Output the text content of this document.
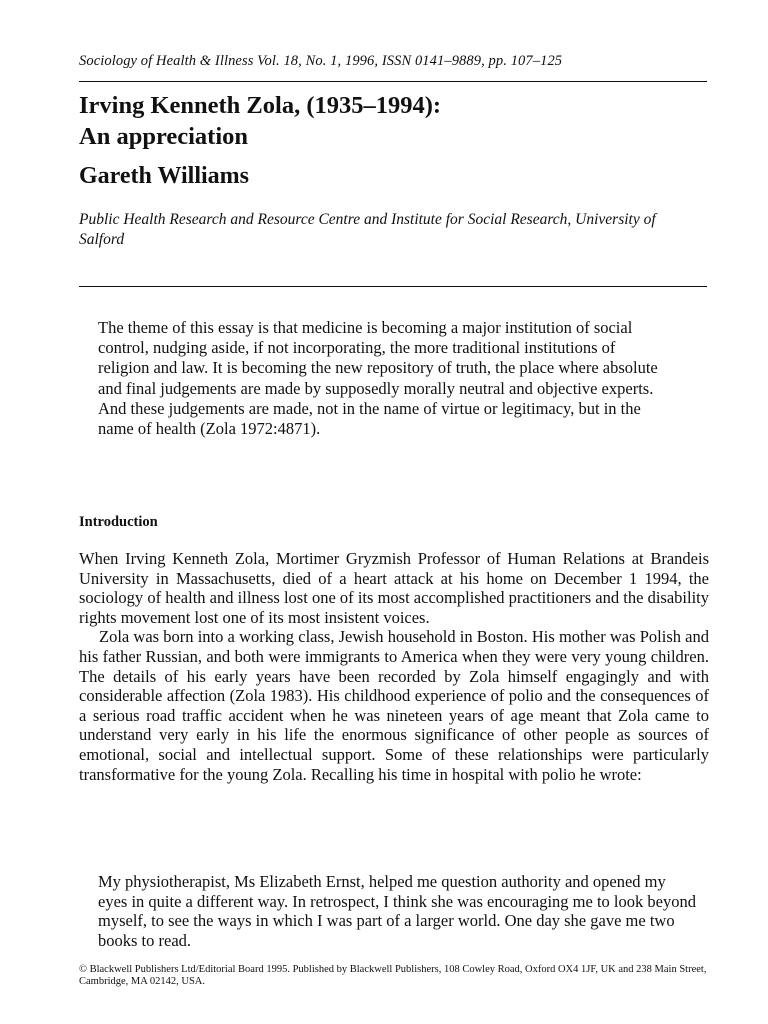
Sociology of Health & Illness Vol. 18, No. 1, 1996, ISSN 0141–9889, pp. 107–125
Irving Kenneth Zola, (1935–1994):
An appreciation
Gareth Williams
Public Health Research and Resource Centre and Institute for Social Research, University of Salford
The theme of this essay is that medicine is becoming a major institution of social control, nudging aside, if not incorporating, the more traditional institutions of religion and law. It is becoming the new repository of truth, the place where absolute and final judgements are made by supposedly morally neutral and objective experts. And these judgements are made, not in the name of virtue or legitimacy, but in the name of health (Zola 1972:4871).
Introduction

When Irving Kenneth Zola, Mortimer Gryzmish Professor of Human Relations at Brandeis University in Massachusetts, died of a heart attack at his home on December 1 1994, the sociology of health and illness lost one of its most accomplished practitioners and the disability rights movement lost one of its most insistent voices.

Zola was born into a working class, Jewish household in Boston. His mother was Polish and his father Russian, and both were immigrants to America when they were very young children. The details of his early years have been recorded by Zola himself engagingly and with considerable affection (Zola 1983). His childhood experience of polio and the consequences of a serious road traffic accident when he was nineteen years of age meant that Zola came to understand very early in his life the enormous significance of other people as sources of emotional, social and intellectual support. Some of these relationships were particularly transformative for the young Zola. Recalling his time in hospital with polio he wrote:

My physiotherapist, Ms Elizabeth Ernst, helped me question authority and opened my eyes in quite a different way. In retrospect, I think she was encouraging me to look beyond myself, to see the ways in which I was part of a larger world. One day she gave me two books to read.
© Blackwell Publishers Ltd/Editorial Board 1995. Published by Blackwell Publishers, 108 Cowley Road, Oxford OX4 1JF, UK and 238 Main Street, Cambridge, MA 02142, USA.
